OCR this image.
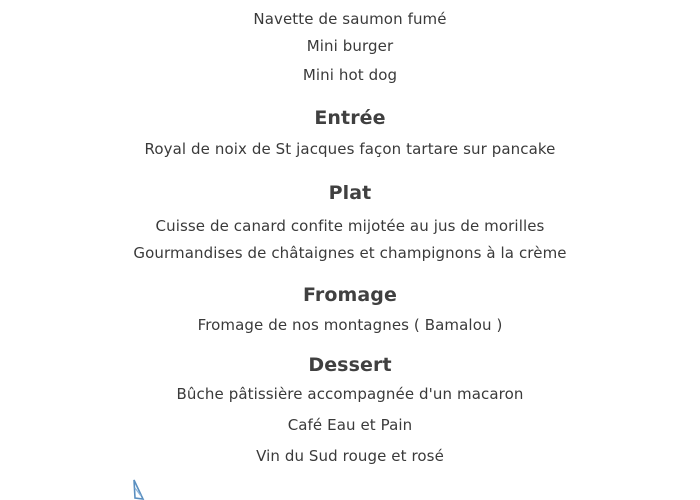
Navette de saumon fumé
Mini burger
Mini hot dog
Entrée
Royal de noix de St jacques façon tartare sur pancake
Plat
Cuisse de canard confite mijotée au jus de morilles
Gourmandises de châtaignes et champignons à la crème
Fromage
Fromage de nos montagnes ( Bamalou )
Dessert
Bûche pâtissière accompagnée d'un macaron
Café Eau et Pain
Vin du Sud rouge et rosé
